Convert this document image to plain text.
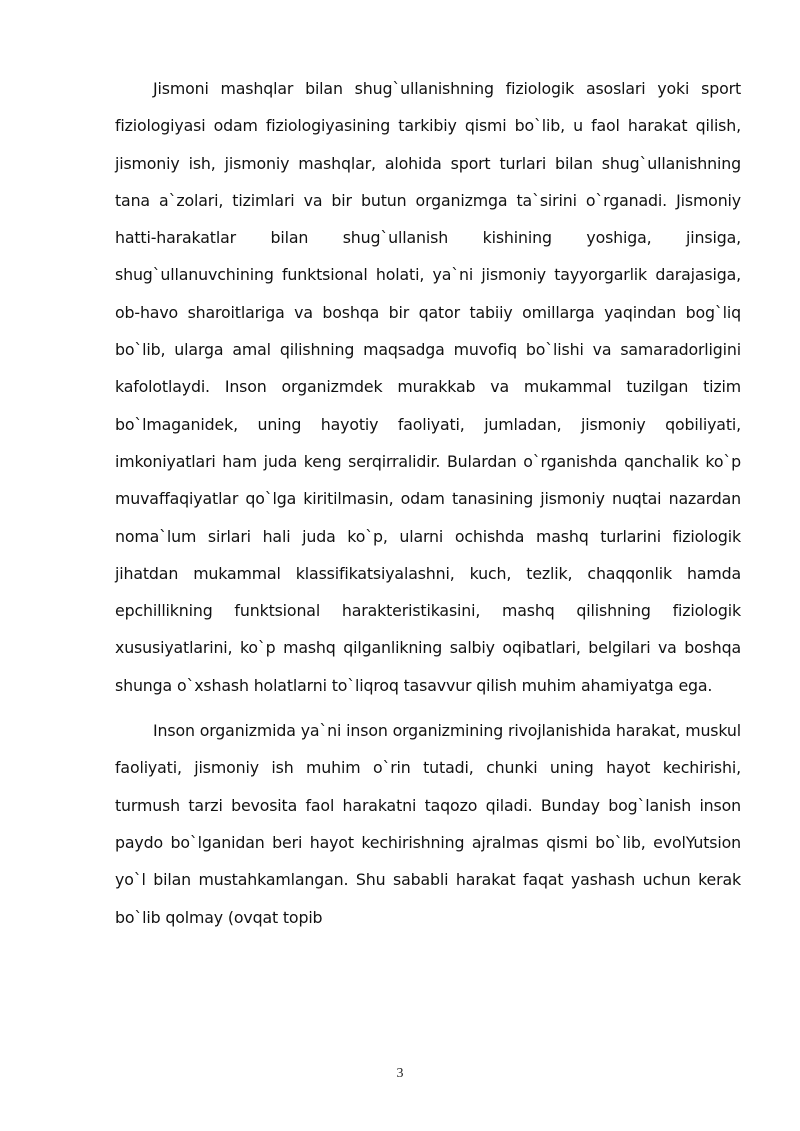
Jismoni mashqlar bilan shug`ullanishning fiziologik asoslari yoki sport fiziologiyasi odam fiziologiyasining tarkibiy qismi bo`lib, u faol harakat qilish, jismoniy ish, jismoniy mashqlar, alohida sport turlari bilan shug`ullanishning tana a`zolari, tizimlari va bir butun organizmga ta`sirini o`rganadi. Jismoniy hatti-harakatlar bilan shug`ullanish kishining yoshiga, jinsiga, shug`ullanuvchining funktsional holati, ya`ni jismoniy tayyorgarlik darajasiga, ob-havo sharoitlariga va boshqa bir qator tabiiy omillarga yaqindan bog`liq bo`lib, ularga amal qilishning maqsadga muvofiq bo`lishi va samaradorligini kafolotlaydi. Inson organizmdek murakkab va mukammal tuzilgan tizim bo`lmaganidek, uning hayotiy faoliyati, jumladan, jismoniy qobiliyati, imkoniyatlari ham juda keng serqirralidir. Bulardan o`rganishda qanchalik ko`p muvaffaqiyatlar qo`lga kiritilmasin, odam tanasining jismoniy nuqtai nazardan noma`lum sirlari hali juda ko`p, ularni ochishda mashq turlarini fiziologik jihatdan mukammal klassifikatsiyalashni, kuch, tezlik, chaqqonlik hamda epchillikning funktsional harakteristikasini, mashq qilishning fiziologik xususiyatlarini, ko`p mashq qilganlikning salbiy oqibatlari, belgilari va boshqa shunga o`xshash holatlarni to`liqroq tasavvur qilish muhim ahamiyatga ega.

Inson organizmida ya`ni inson organizmining rivojlanishida harakat, muskul faoliyati, jismoniy ish muhim o`rin tutadi, chunki uning hayot kechirishi, turmush tarzi bevosita faol harakatni taqozo qiladi. Bunday bog`lanish inson paydo bo`lganidan beri hayot kechirishning ajralmas qismi bo`lib, evolYutsion yo`l bilan mustahkamlangan. Shu sababli harakat faqat yashash uchun kerak bo`lib qolmay (ovqat topib

3
